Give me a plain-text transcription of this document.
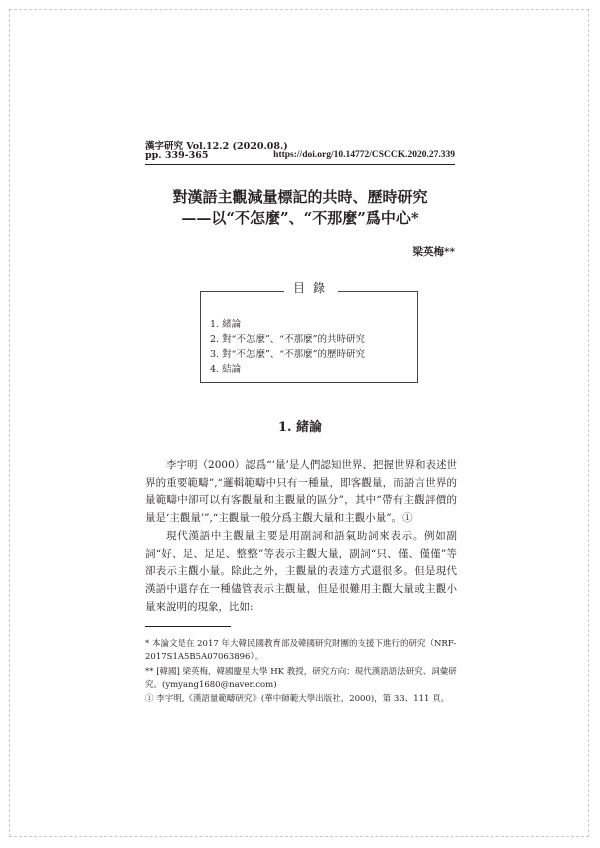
漢字研究 Vol.12.2 (2020.08.)
pp. 339-365	https://doi.org/10.14772/CSCCK.2020.27.339
對漢語主觀減量標記的共時、歷時研究
——以“不怎麼”、“不那麼”爲中心*
梁英梅**
目錄
1. 緒論
2. 對“不怎麼”、“不那麼”的共時研究
3. 對“不怎麼”、“不那麼”的歷時研究
4. 結論
1. 緒論
李宇明（2000）認爲“‘量’是人們認知世界、把握世界和表述世界的重要範疇”,“邏輯範疇中只有一種量，即客觀量，而語言世界的量範疇中卻可以有客觀量和主觀量的區分”，其中“帶有主觀評價的量是‘主觀量’”,“主觀量一般分爲主觀大量和主觀小量”。①
現代漢語中主觀量主要是用副詞和語氣助詞來表示。例如副詞“好、足、足足、整整”等表示主觀大量，副詞“只、僅、僅僅”等卻表示主觀小量。除此之外，主觀量的表達方式還很多。但是現代漢語中還存在一種儘管表示主觀量，但是很難用主觀大量或主觀小量來說明的現象，比如:
* 本論文是在 2017 年大韓民國教育部及韓國研究財團的支援下進行的研究（NRF-2017S1A5B5A07063896）。
** [韓國] 梁英梅，韓國慶星大學 HK 教授，研究方向：現代漢語語法研究、詞彙研究。(ymyang1680@naver.com)
① 李宇明,《漢語量範疇研究》(華中師範大學出版社，2000)，第 33、111 頁。
